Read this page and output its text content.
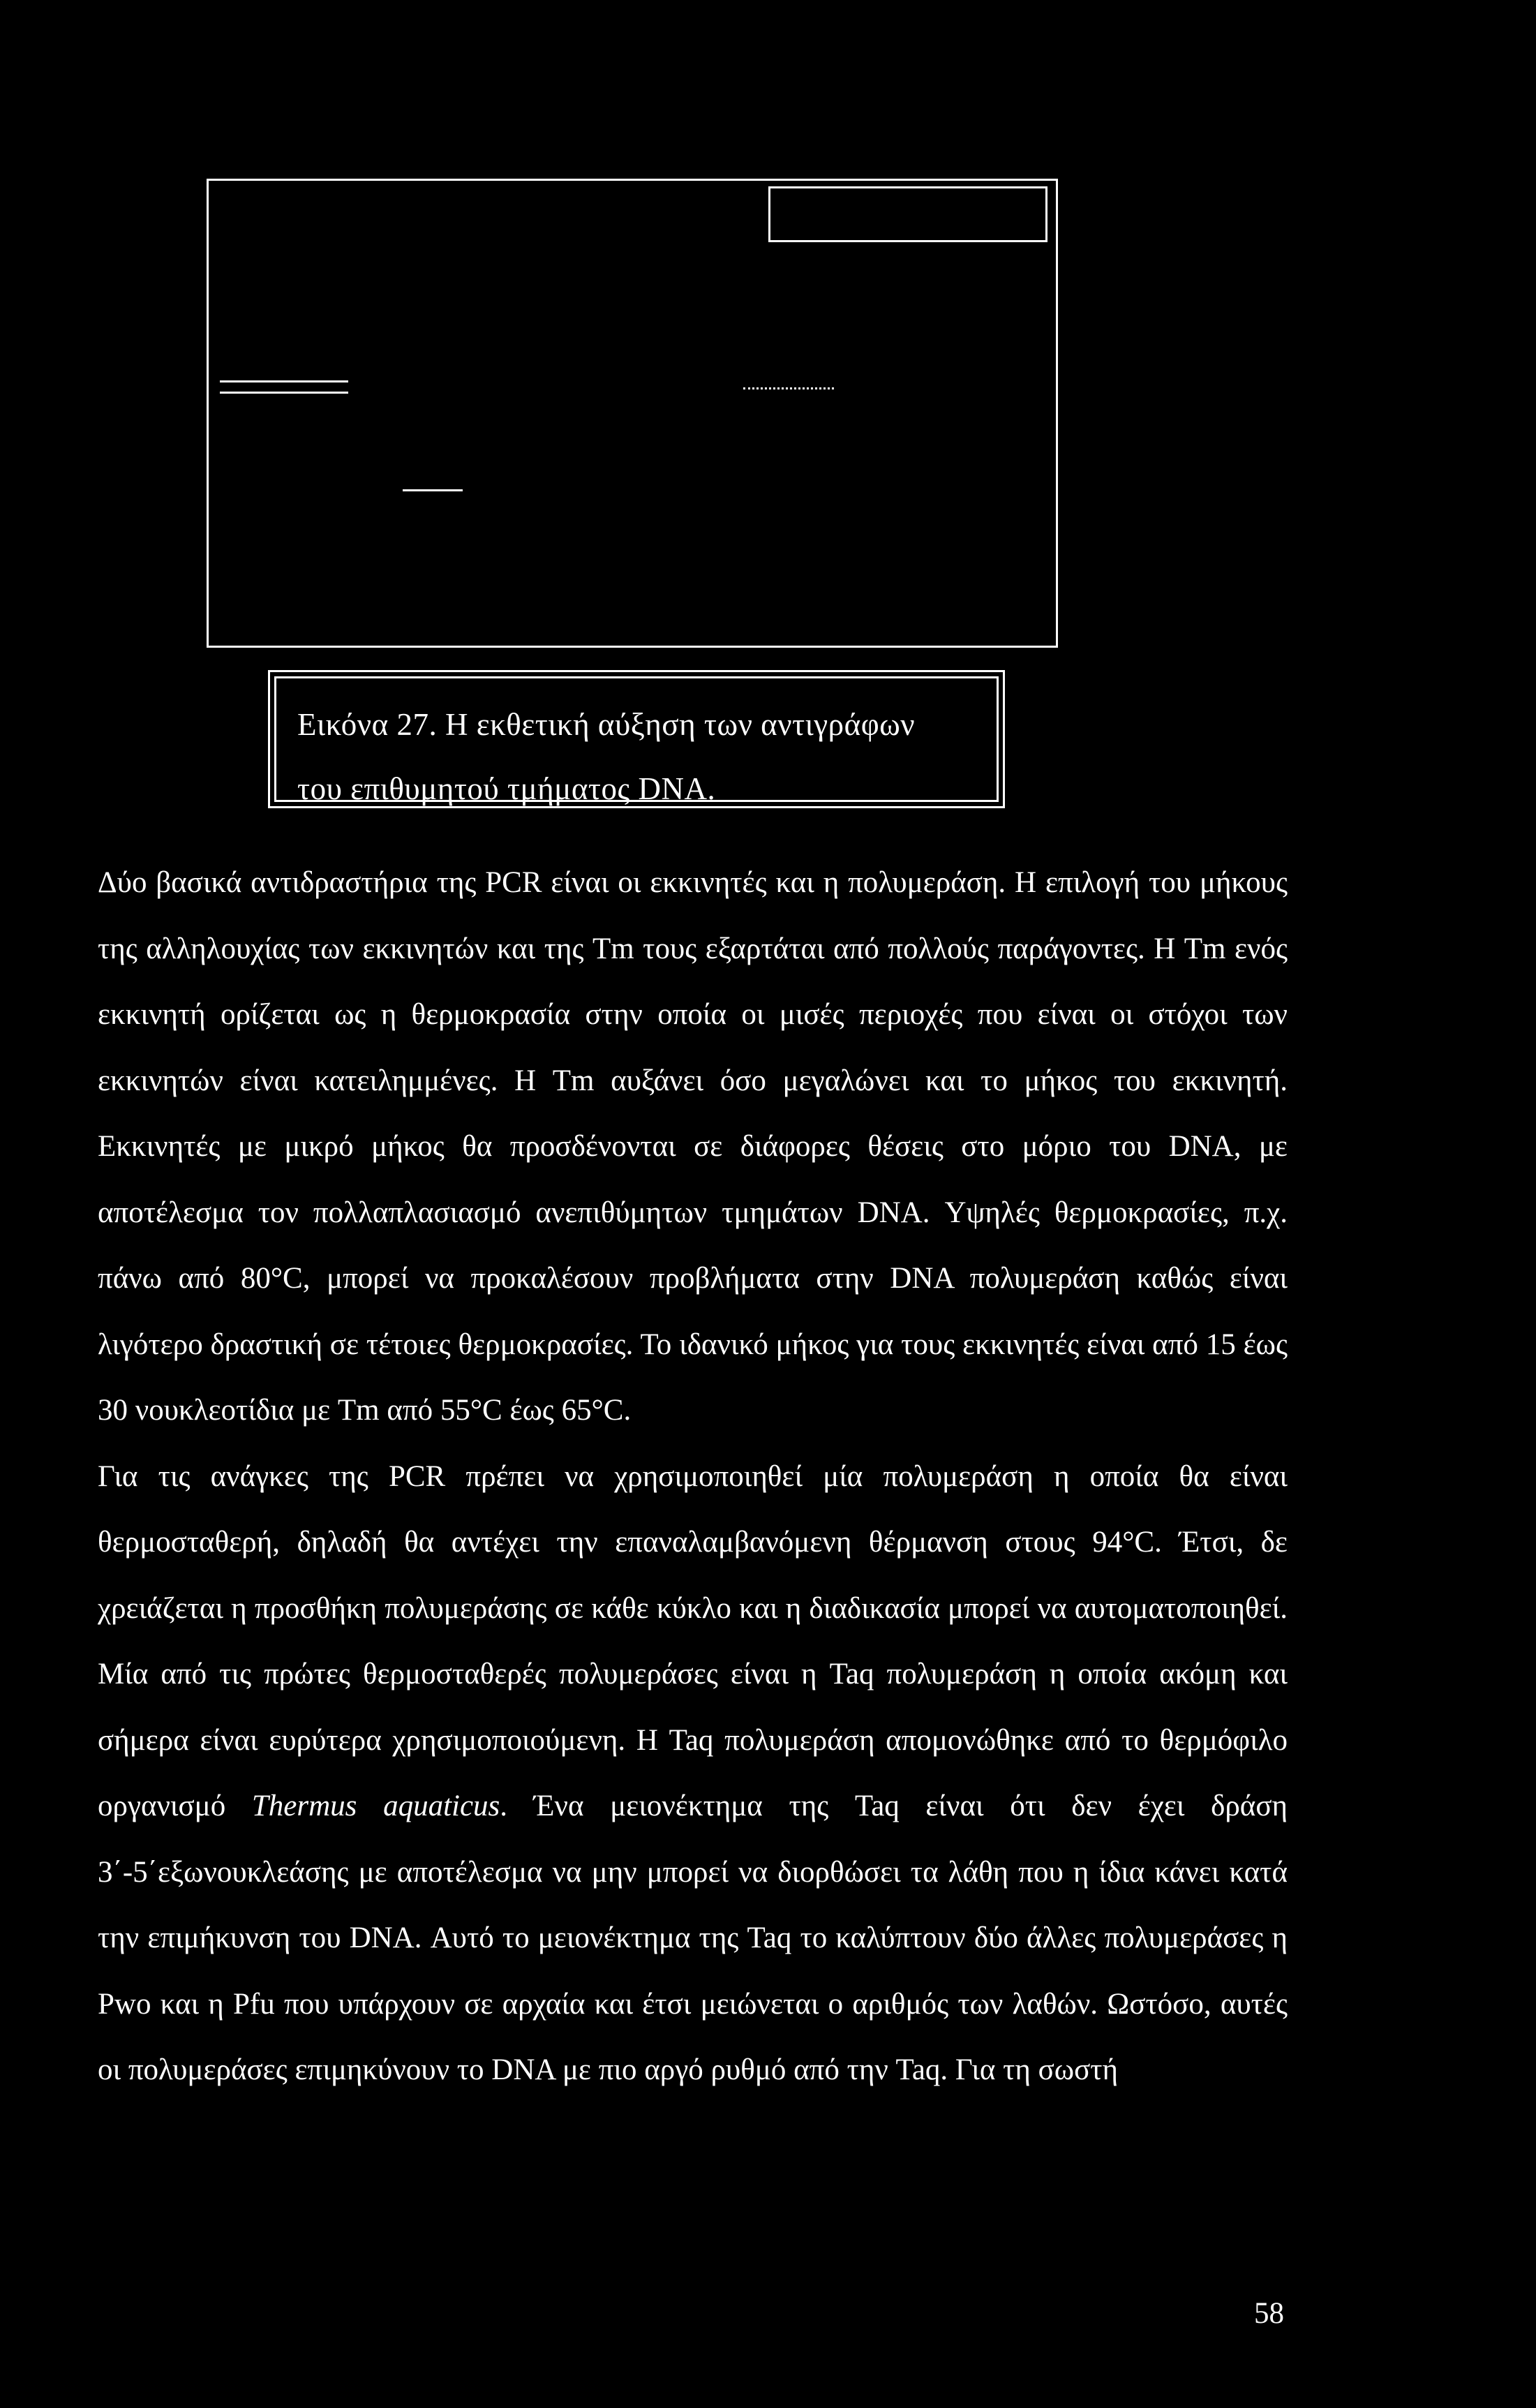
Εικόνα 27. Η εκθετική αύξηση των αντιγράφων
του επιθυμητού τμήματος DNA.

Δύο βασικά αντιδραστήρια της PCR είναι οι εκκινητές και η πολυμεράση. Η επιλογή του μήκους της αλληλουχίας των εκκινητών και της Tm τους εξαρτάται από πολλούς παράγοντες. Η Tm ενός εκκινητή ορίζεται ως η θερμοκρασία στην οποία οι μισές περιοχές που είναι οι στόχοι των εκκινητών είναι κατειλημμένες. Η Tm αυξάνει όσο μεγαλώνει και το μήκος του εκκινητή. Εκκινητές με μικρό μήκος θα προσδένονται σε διάφορες θέσεις στο μόριο του DNA, με αποτέλεσμα τον πολλαπλασιασμό ανεπιθύμητων τμημάτων DNA. Υψηλές θερμοκρασίες, π.χ. πάνω από 80°C, μπορεί να προκαλέσουν προβλήματα στην DNA πολυμεράση καθώς είναι λιγότερο δραστική σε τέτοιες θερμοκρασίες. Το ιδανικό μήκος για τους εκκινητές είναι από 15 έως 30 νουκλεοτίδια με Tm από 55°C έως 65°C.

Για τις ανάγκες της PCR πρέπει να χρησιμοποιηθεί μία πολυμεράση η οποία θα είναι θερμοσταθερή, δηλαδή θα αντέχει την επαναλαμβανόμενη θέρμανση στους 94°C. Έτσι, δε χρειάζεται η προσθήκη πολυμεράσης σε κάθε κύκλο και η διαδικασία μπορεί να αυτοματοποιηθεί. Μία από τις πρώτες θερμοσταθερές πολυμεράσες είναι η Taq πολυμεράση η οποία ακόμη και σήμερα είναι ευρύτερα χρησιμοποιούμενη. Η Taq πολυμεράση απομονώθηκε από το θερμόφιλο οργανισμό Thermus aquaticus. Ένα μειονέκτημα της Taq είναι ότι δεν έχει δράση 3΄-5΄εξωνουκλεάσης με αποτέλεσμα να μην μπορεί να διορθώσει τα λάθη που η ίδια κάνει κατά την επιμήκυνση του DNA. Αυτό το μειονέκτημα της Taq το καλύπτουν δύο άλλες πολυμεράσες η Pwo και η Pfu που υπάρχουν σε αρχαία και έτσι μειώνεται ο αριθμός των λαθών. Ωστόσο, αυτές οι πολυμεράσες επιμηκύνουν το DNA με πιο αργό ρυθμό από την Taq. Για τη σωστή

58
